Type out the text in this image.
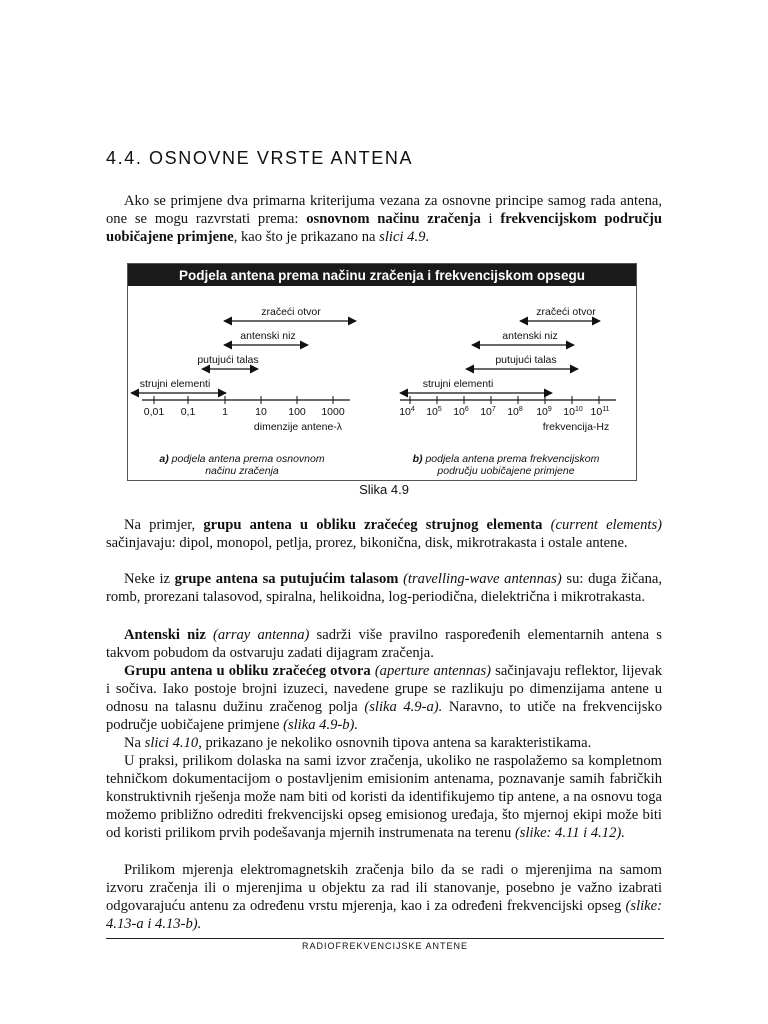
4.4. OSNOVNE VRSTE ANTENA

Ako se primjene dva primarna kriterijuma vezana za osnovne principe samog rada antena, one se mogu razvrstati prema: osnovnom načinu zračenja i frekvencijskom području uobičajene primjene, kao što je prikazano na slici 4.9.

Podjela antena prema načinu zračenja i frekvencijskom opsegu
zračeći otvor
antenski niz
putujući talas
strujni elementi
0,01 0,1	1	10 100 1000
dimenzije antene-λ
a) podjela antena prema osnovnom
načinu zračenja
zračeći otvor
antenski niz
putujući talas
strujni elementi
$10^4$ $10^5$ $10^6$ $10^7$ $10^8$ $10^9$ $10^{10}$ $10^{11}$
frekvencija-Hz
b) podjela antena prema frekvencijskom
području uobičajene primjene
Slika 4.9

Na primjer, grupu antena u obliku zračećeg strujnog elementa (current elements) sačinjavaju: dipol, monopol, petlja, prorez, bikonična, disk, mikrotrakasta i ostale antene.

Neke iz grupe antena sa putujućim talasom (travelling-wave antennas) su: duga žičana, romb, prorezani talasovod, spiralna, helikoidna, log-periodična, dielektrična i mikrotrakasta.

Antenski niz (array antenna) sadrži više pravilno raspoređenih elementarnih antena s takvom pobudom da ostvaruju zadati dijagram zračenja.

Grupu antena u obliku zračećeg otvora (aperture antennas) sačinjavaju reflektor, lijevak i sočiva. Iako postoje brojni izuzeci, navedene grupe se razlikuju po dimenzijama antene u odnosu na talasnu dužinu zračenog polja (slika 4.9-a). Naravno, to utiče na frekvencijsko područje uobičajene primjene (slika 4.9-b).

Na slici 4.10, prikazano je nekoliko osnovnih tipova antena sa karakteristikama.

U praksi, prilikom dolaska na sami izvor zračenja, ukoliko ne raspolažemo sa kompletnom tehničkom dokumentacijom o postavljenim emisionim antenama, poznavanje samih fabričkih konstruktivnih rješenja može nam biti od koristi da identifikujemo tip antene, a na osnovu toga možemo približno odrediti frekvencijski opseg emisionog uređaja, što mjernoj ekipi može biti od koristi prilikom prvih podešavanja mjernih instrumenata na terenu (slike: 4.11 i 4.12).

Prilikom mjerenja elektromagnetskih zračenja bilo da se radi o mjerenjima na samom izvoru zračenja ili o mjerenjima u objektu za rad ili stanovanje, posebno je važno izabrati odgovarajuću antenu za određenu vrstu mjerenja, kao i za određeni frekvencijski opseg (slike: 4.13-a i 4.13-b).

RADIOFREKVENCIJSKE ANTENE
